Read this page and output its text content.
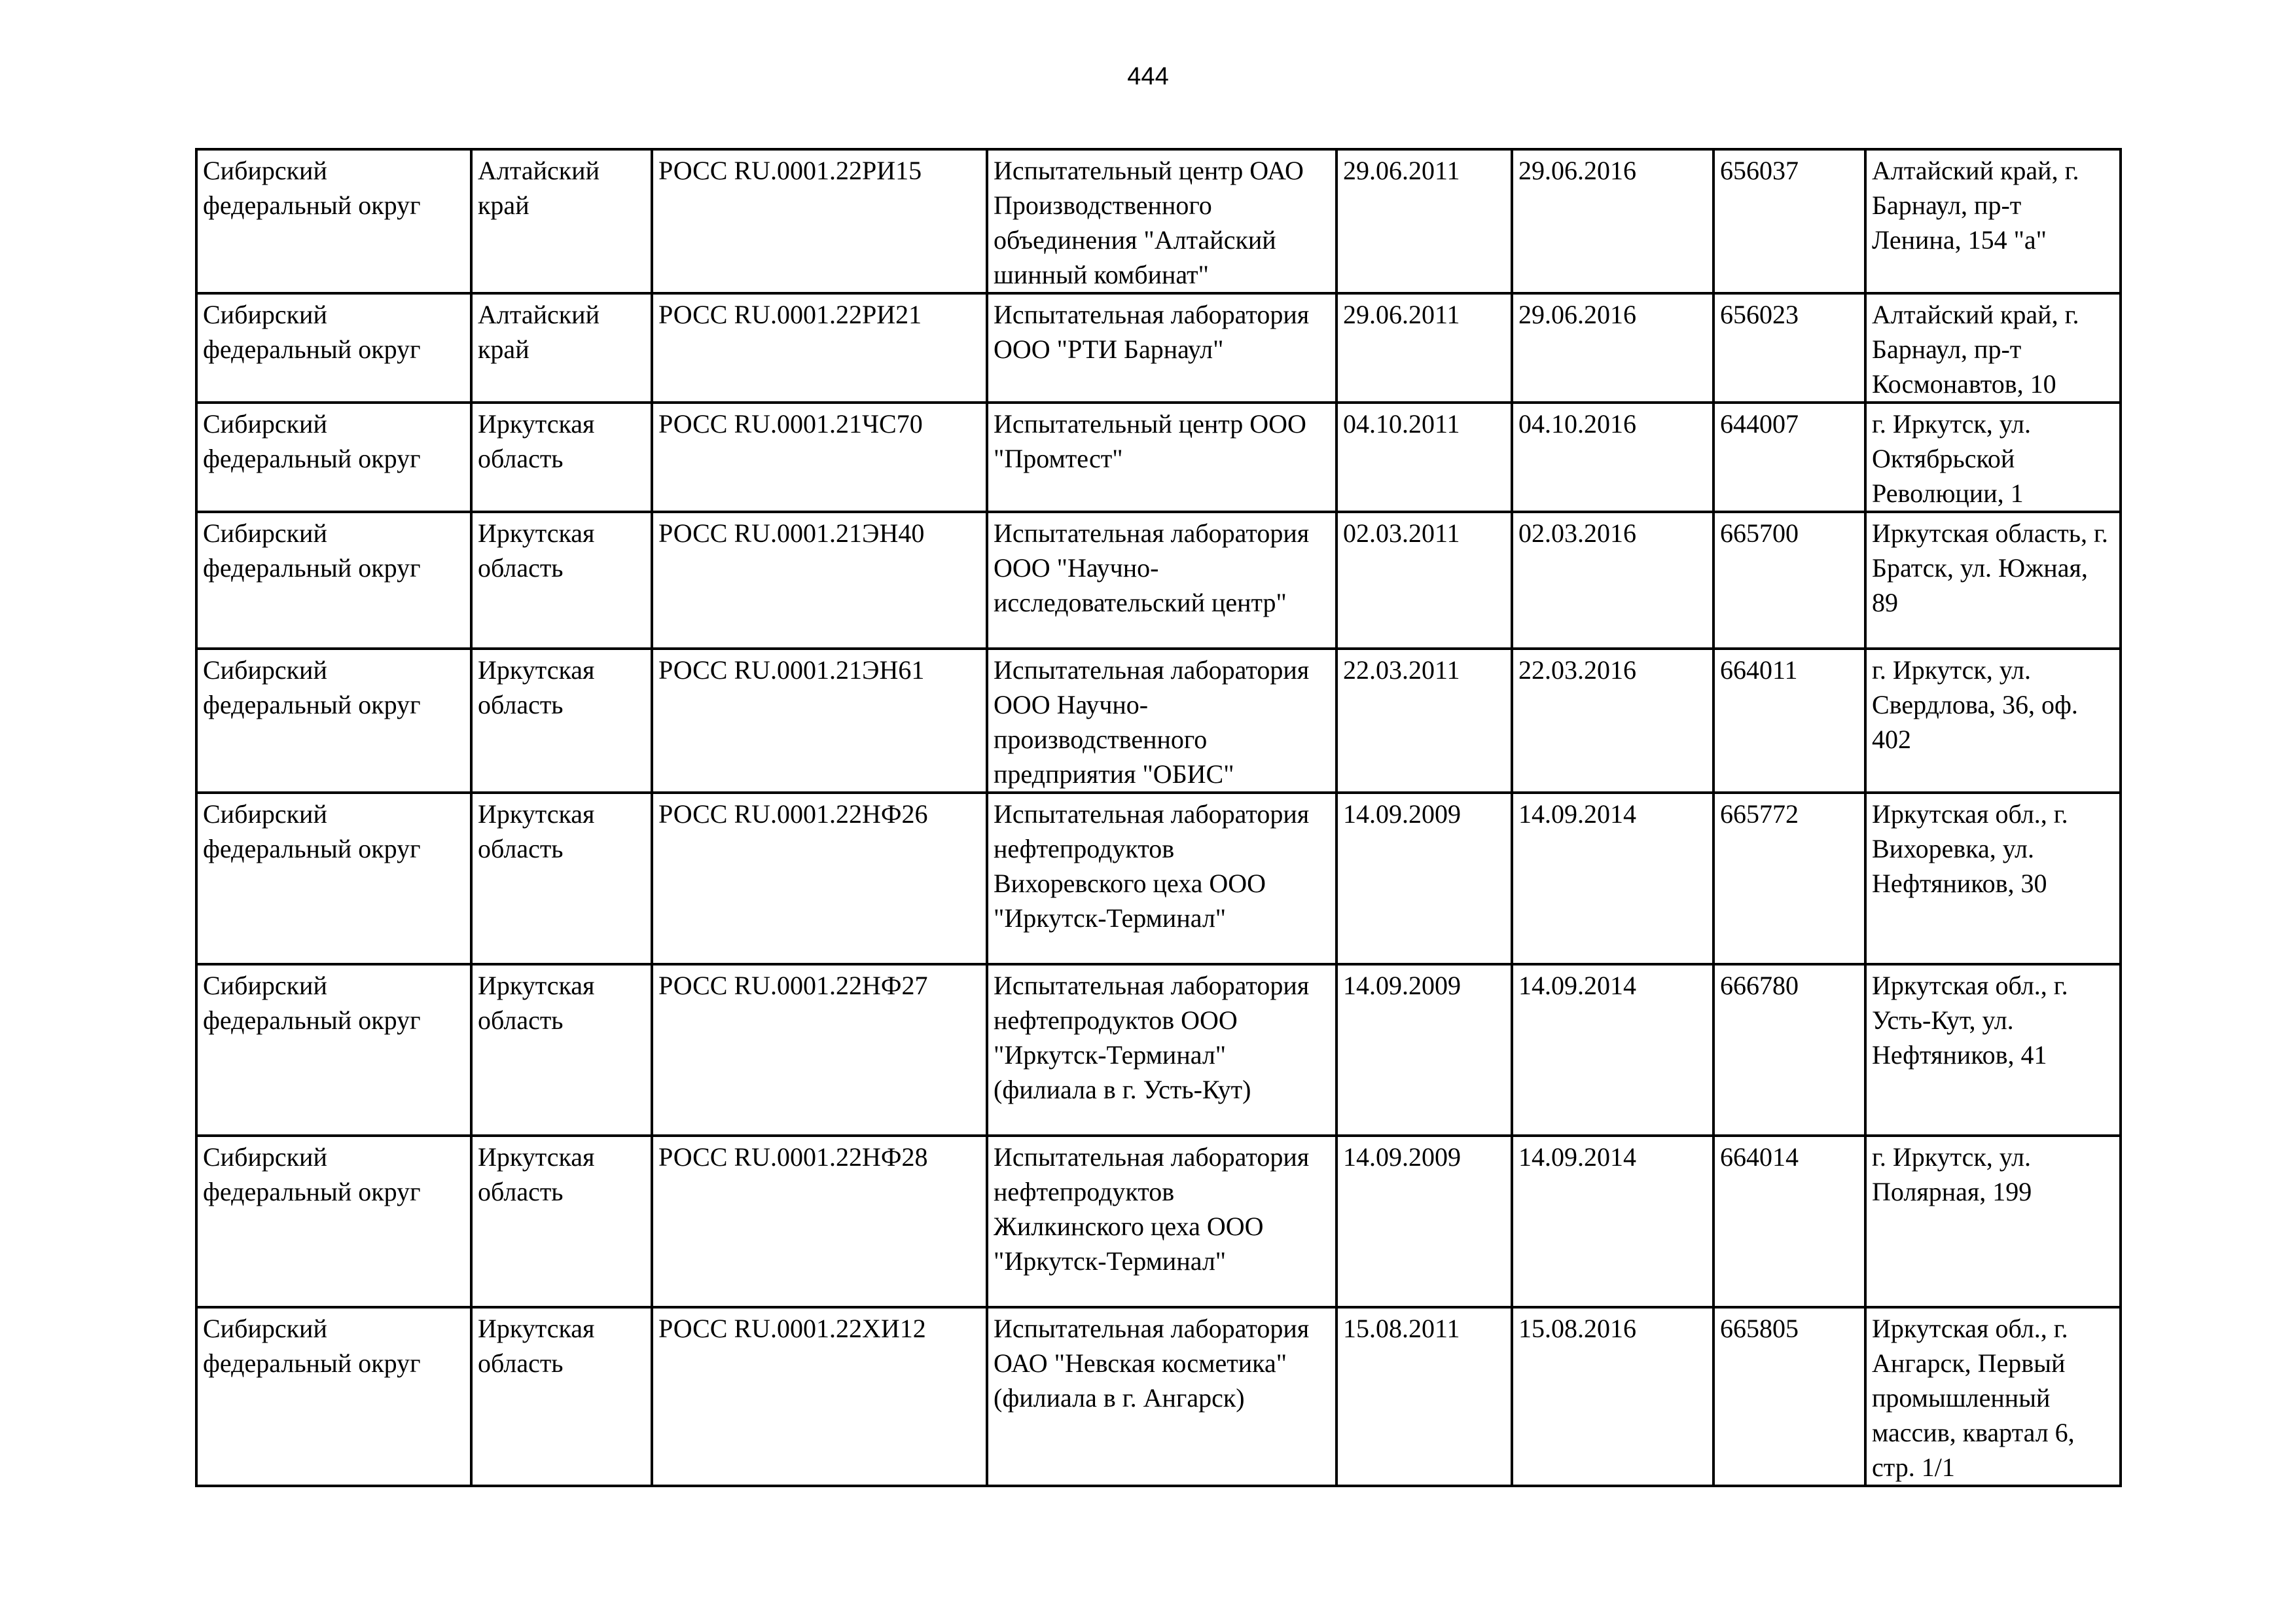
444
Сибирский федеральный округ	Алтайский край	РОСС RU.0001.22РИ15	Испытательный центр ОАО Производственного объединения "Алтайский шинный комбинат"	29.06.2011	29.06.2016	656037	Алтайский край, г. Барнаул, пр-т Ленина, 154 "а"
Сибирский федеральный округ	Алтайский край	РОСС RU.0001.22РИ21	Испытательная лаборатория ООО "РТИ Барнаул"	29.06.2011	29.06.2016	656023	Алтайский край, г. Барнаул, пр-т Космонавтов, 10
Сибирский федеральный округ	Иркутская область	РОСС RU.0001.21ЧС70	Испытательный центр ООО "Промтест"	04.10.2011	04.10.2016	644007	г. Иркутск, ул. Октябрьской Революции, 1
Сибирский федеральный округ	Иркутская область	РОСС RU.0001.21ЭН40	Испытательная лаборатория ООО "Научно-исследовательский центр"	02.03.2011	02.03.2016	665700	Иркутская область, г. Братск, ул. Южная, 89
Сибирский федеральный округ	Иркутская область	РОСС RU.0001.21ЭН61	Испытательная лаборатория ООО Научно-производственного предприятия "ОБИС"	22.03.2011	22.03.2016	664011	г. Иркутск, ул. Свердлова, 36, оф. 402
Сибирский федеральный округ	Иркутская область	РОСС RU.0001.22НФ26	Испытательная лаборатория нефтепродуктов Вихоревского цеха ООО "Иркутск-Терминал"	14.09.2009	14.09.2014	665772	Иркутская обл., г. Вихоревка, ул. Нефтяников, 30
Сибирский федеральный округ	Иркутская область	РОСС RU.0001.22НФ27	Испытательная лаборатория нефтепродуктов ООО "Иркутск-Терминал" (филиала в г. Усть-Кут)	14.09.2009	14.09.2014	666780	Иркутская обл., г. Усть-Кут, ул. Нефтяников, 41
Сибирский федеральный округ	Иркутская область	РОСС RU.0001.22НФ28	Испытательная лаборатория нефтепродуктов Жилкинского цеха ООО "Иркутск-Терминал"	14.09.2009	14.09.2014	664014	г. Иркутск, ул. Полярная, 199
Сибирский федеральный округ	Иркутская область	РОСС RU.0001.22ХИ12	Испытательная лаборатория ОАО "Невская косметика" (филиала в г. Ангарск)	15.08.2011	15.08.2016	665805	Иркутская обл., г. Ангарск, Первый промышленный массив, квартал 6, стр. 1/1
